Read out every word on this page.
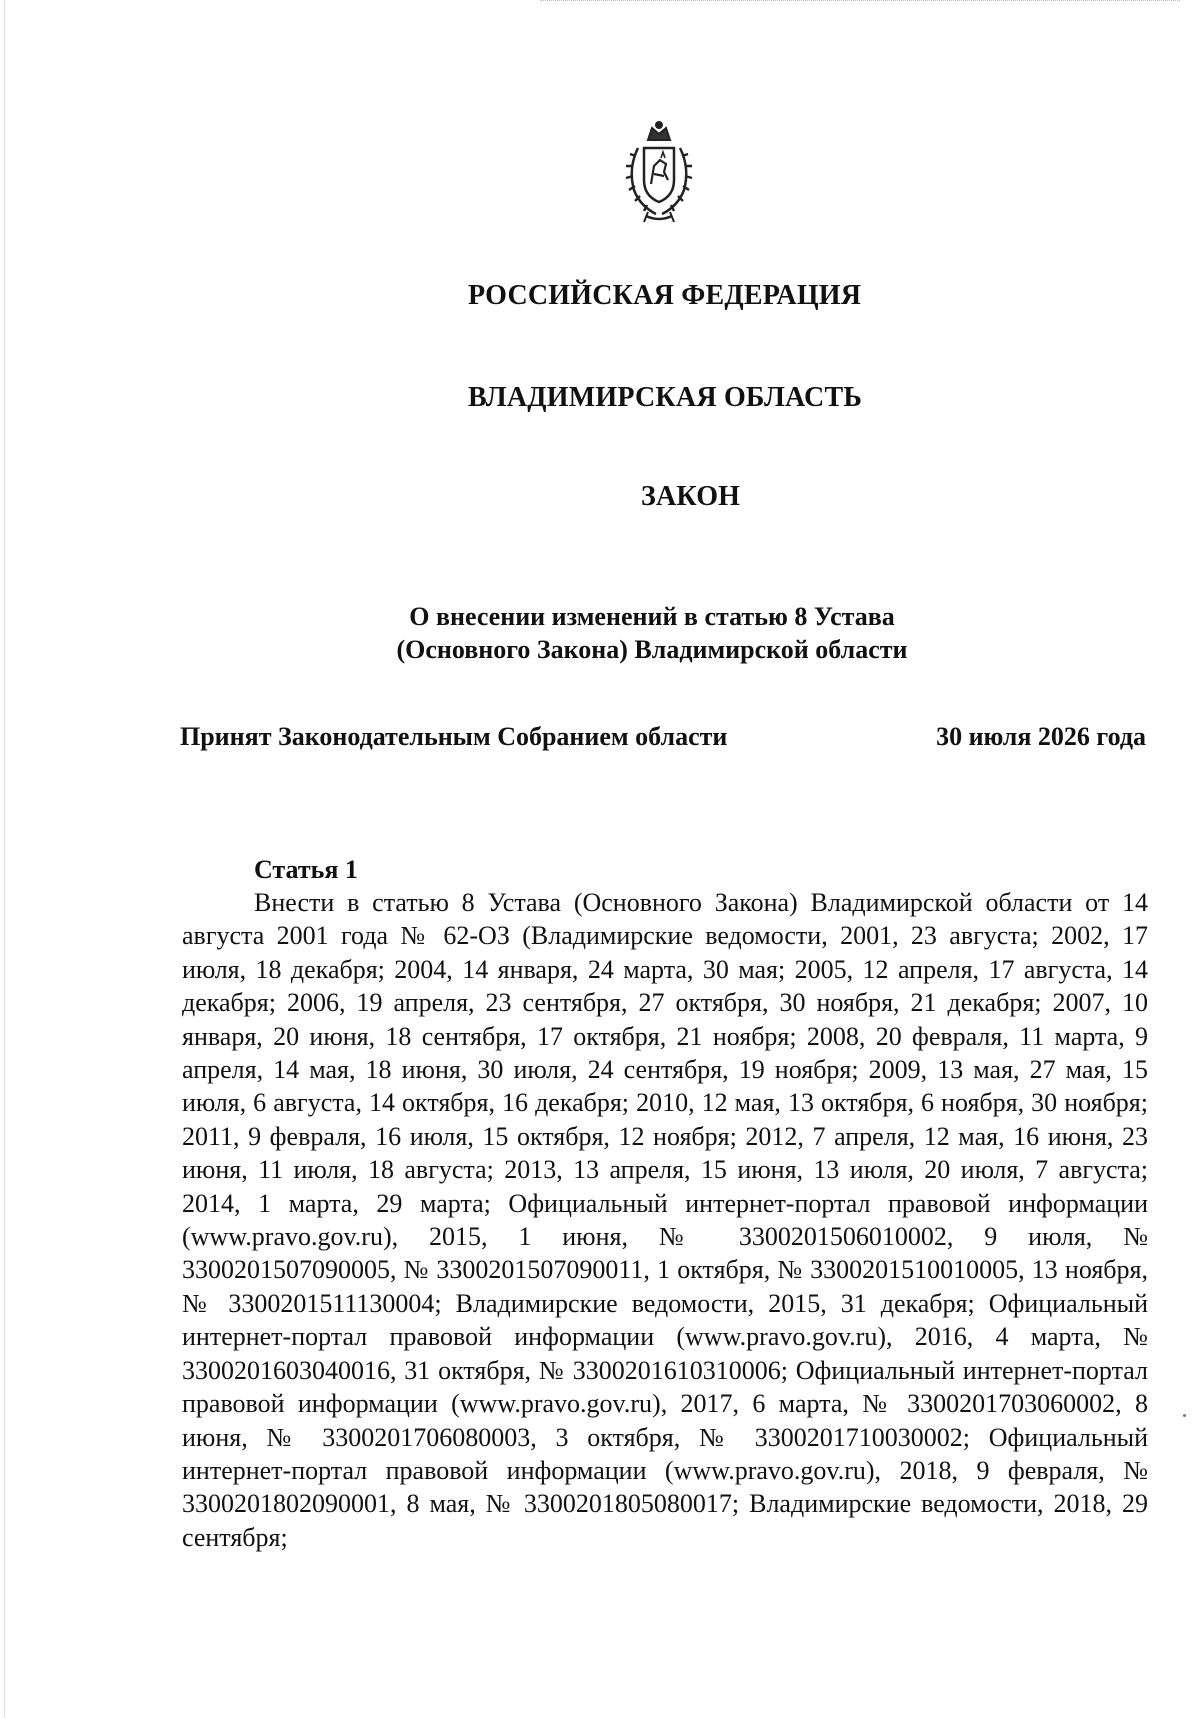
РОССИЙСКАЯ ФЕДЕРАЦИЯ
ВЛАДИМИРСКАЯ ОБЛАСТЬ
ЗАКОН
О внесении изменений в статью 8 Устава
(Основного Закона) Владимирской области
Принят Законодательным Собранием области	30 июля 2026 года
Статья 1

Внести в статью 8 Устава (Основного Закона) Владимирской области от 14 августа 2001 года № 62-ОЗ (Владимирские ведомости, 2001, 23 августа; 2002, 17 июля, 18 декабря; 2004, 14 января, 24 марта, 30 мая; 2005, 12 апреля, 17 августа, 14 декабря; 2006, 19 апреля, 23 сентября, 27 октября, 30 ноября, 21 декабря; 2007, 10 января, 20 июня, 18 сентября, 17 октября, 21 ноября; 2008, 20 февраля, 11 марта, 9 апреля, 14 мая, 18 июня, 30 июля, 24 сентября, 19 ноября; 2009, 13 мая, 27 мая, 15 июля, 6 августа, 14 октября, 16 декабря; 2010, 12 мая, 13 октября, 6 ноября, 30 ноября; 2011, 9 февраля, 16 июля, 15 октября, 12 ноября; 2012, 7 апреля, 12 мая, 16 июня, 23 июня, 11 июля, 18 августа; 2013, 13 апреля, 15 июня, 13 июля, 20 июля, 7 августа; 2014, 1 марта, 29 марта; Официальный интернет-портал правовой информации (www.pravo.gov.ru), 2015, 1 июня, № 3300201506010002, 9 июля, № 3300201507090005, № 3300201507090011, 1 октября, № 3300201510010005, 13 ноября, № 3300201511130004; Владимирские ведомости, 2015, 31 декабря; Официальный интернет-портал правовой информации (www.pravo.gov.ru), 2016, 4 марта, № 3300201603040016, 31 октября, № 3300201610310006; Официальный интернет-портал правовой информации (www.pravo.gov.ru), 2017, 6 марта, № 3300201703060002, 8 июня, № 3300201706080003, 3 октября, № 3300201710030002; Официальный интернет-портал правовой информации (www.pravo.gov.ru), 2018, 9 февраля, № 3300201802090001, 8 мая, № 3300201805080017; Владимирские ведомости, 2018, 29 сентября;
